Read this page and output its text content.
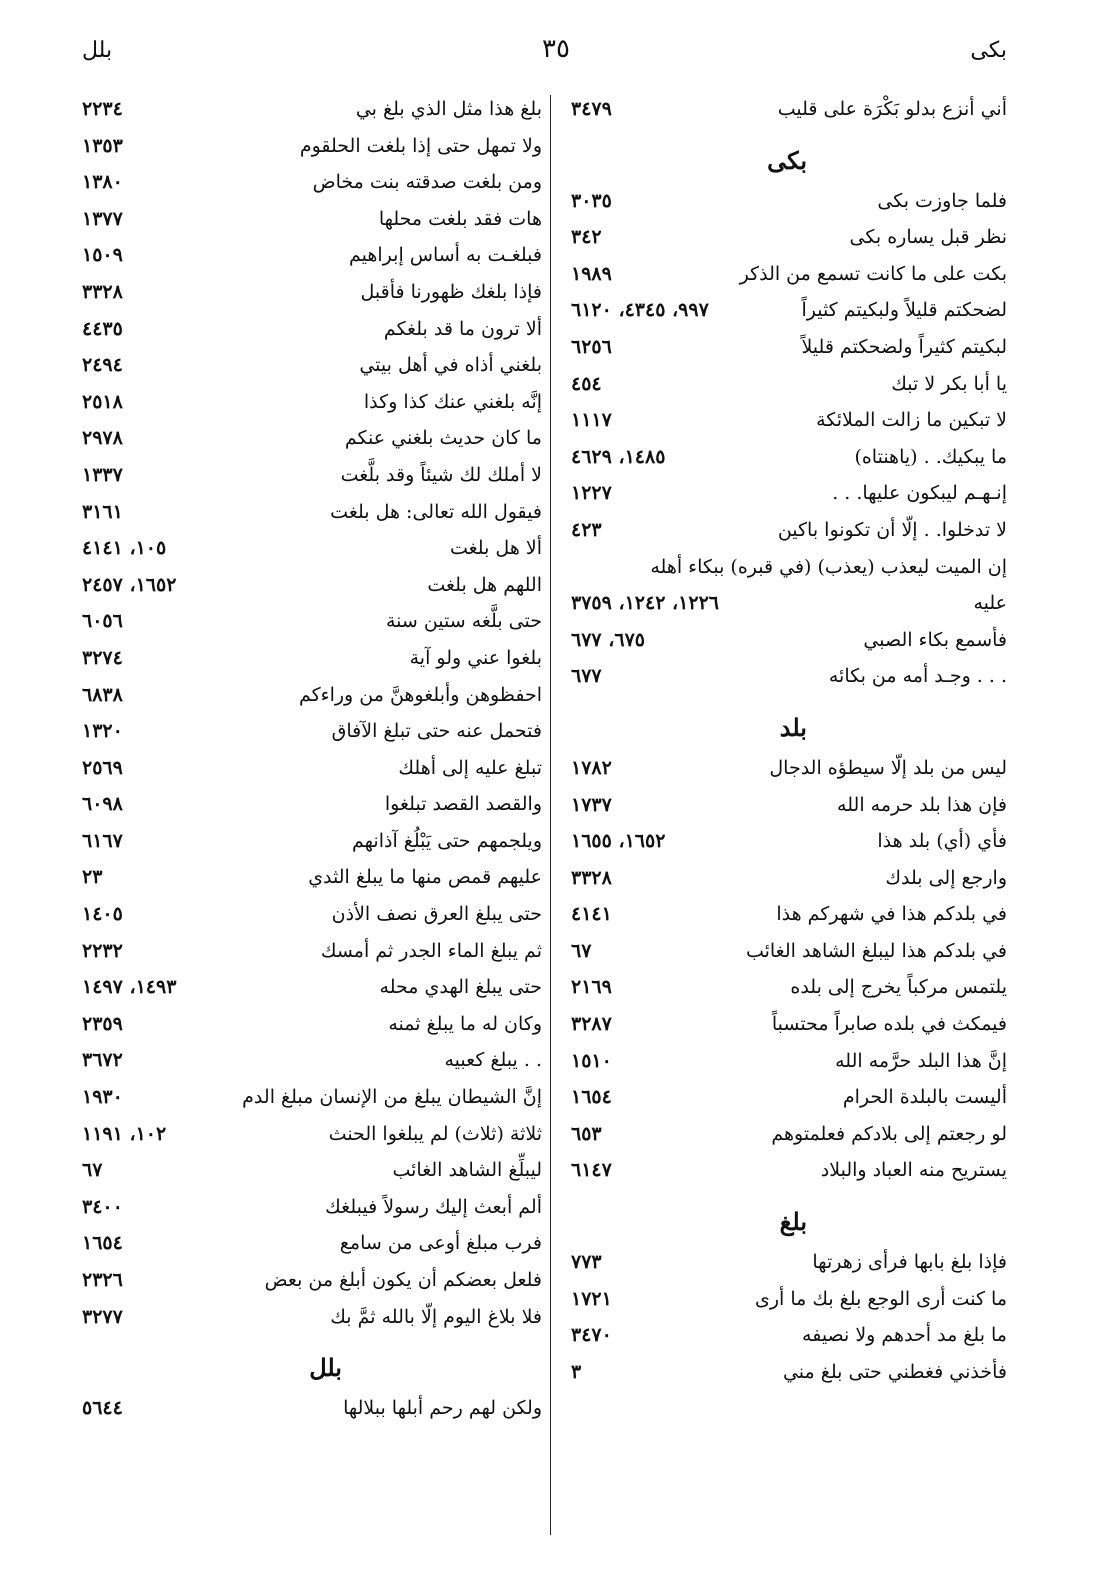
بكى
٣٥
بلل
أني أنزع بدلو بَكْرَة على قليب
٣٤٧٩
بكى
فلما جاوزت بكى
٣٠٣٥
نظر قبل يساره بكى
٣٤٢
بكت على ما كانت تسمع من الذكر
١٩٨٩
لضحكتم قليلاً ولبكيتم كثيراً
٩٩٧، ٤٣٤٥، ٦١٢٠
لبكيتم كثيراً ولضحكتم قليلاً
٦٢٥٦
يا أبا بكر لا تبك
٤٥٤
لا تبكين ما زالت الملائكة
١١١٧
ما يبكيك. . (ياهنتاه)
١٤٨٥، ٤٦٢٩
إنـهـم ليبكون عليها. . .
١٢٢٧
لا تدخلوا. . إلّا أن تكونوا باكين
٤٢٣
إن الميت ليعذب (يعذب) (في قبره) ببكاء أهله
عليه
١٢٢٦، ١٢٤٢، ٣٧٥٩
فأسمع بكاء الصبي
٦٧٥، ٦٧٧
. . . وجـد أمه من بكائه
٦٧٧
بلد
ليس من بلد إلّا سيطؤه الدجال
١٧٨٢
فإن هذا بلد حرمه الله
١٧٣٧
فأي (أي) بلد هذا
١٦٥٢، ١٦٥٥
وارجع إلى بلدك
٣٣٢٨
في بلدكم هذا في شهركم هذا
٤١٤١
في بلدكم هذا ليبلغ الشاهد الغائب
٦٧
يلتمس مركباً يخرج إلى بلده
٢١٦٩
فيمكث في بلده صابراً محتسباً
٣٢٨٧
إنَّ هذا البلد حرَّمه الله
١٥١٠
أليست بالبلدة الحرام
١٦٥٤
لو رجعتم إلى بلادكم فعلمتوهم
٦٥٣
يستريح منه العباد والبلاد
٦١٤٧
بلغ
فإذا بلغ بابها فرأى زهرتها
٧٧٣
ما كنت أرى الوجع بلغ بك ما أرى
١٧٢١
ما بلغ مد أحدهم ولا نصيفه
٣٤٧٠
فأخذني فغطني حتى بلغ مني
٣
بلغ هذا مثل الذي بلغ بي
٢٢٣٤
ولا تمهل حتى إذا بلغت الحلقوم
١٣٥٣
ومن بلغت صدقته بنت مخاض
١٣٨٠
هات فقد بلغت محلها
١٣٧٧
فبلغـت به أساس إبراهيم
١٥٠٩
فإذا بلغك ظهورنا فأقبل
٣٣٢٨
ألا ترون ما قد بلغكم
٤٤٣٥
بلغني أذاه في أهل بيتي
٢٤٩٤
إنَّه بلغني عنك كذا وكذا
٢٥١٨
ما كان حديث بلغني عنكم
٢٩٧٨
لا أملك لك شيئاً وقد بلَّغت
١٣٣٧
فيقول الله تعالى: هل بلغت
٣١٦١
ألا هل بلغت
١٠٥، ٤١٤١
اللهم هل بلغت
١٦٥٢، ٢٤٥٧
حتى بلَّغه ستين سنة
٦٠٥٦
بلغوا عني ولو آية
٣٢٧٤
احفظوهن وأبلغوهنَّ من وراءكم
٦٨٣٨
فتحمل عنه حتى تبلغ الآفاق
١٣٢٠
تبلغ عليه إلى أهلك
٢٥٦٩
والقصد القصد تبلغوا
٦٠٩٨
ويلجمهم حتى يَبْلُغ آذانهم
٦١٦٧
عليهم قمص منها ما يبلغ الثدي
٢٣
حتى يبلغ العرق نصف الأذن
١٤٠٥
ثم يبلغ الماء الجدر ثم أمسك
٢٢٣٢
حتى يبلغ الهدي محله
١٤٩٣، ١٤٩٧
وكان له ما يبلغ ثمنه
٢٣٥٩
. . يبلغ كعبيه
٣٦٧٢
إنَّ الشيطان يبلغ من الإنسان مبلغ الدم
١٩٣٠
ثلاثة (ثلاث) لم يبلغوا الحنث
١٠٢، ١١٩١
ليبلِّغ الشاهد الغائب
٦٧
ألم أبعث إليك رسولاً فيبلغك
٣٤٠٠
فرب مبلغ أوعى من سامع
١٦٥٤
فلعل بعضكم أن يكون أبلغ من بعض
٢٣٢٦
فلا بلاغ اليوم إلّا بالله ثمَّ بك
٣٢٧٧
بلل
ولكن لهم رحم أبلها ببلالها
٥٦٤٤
